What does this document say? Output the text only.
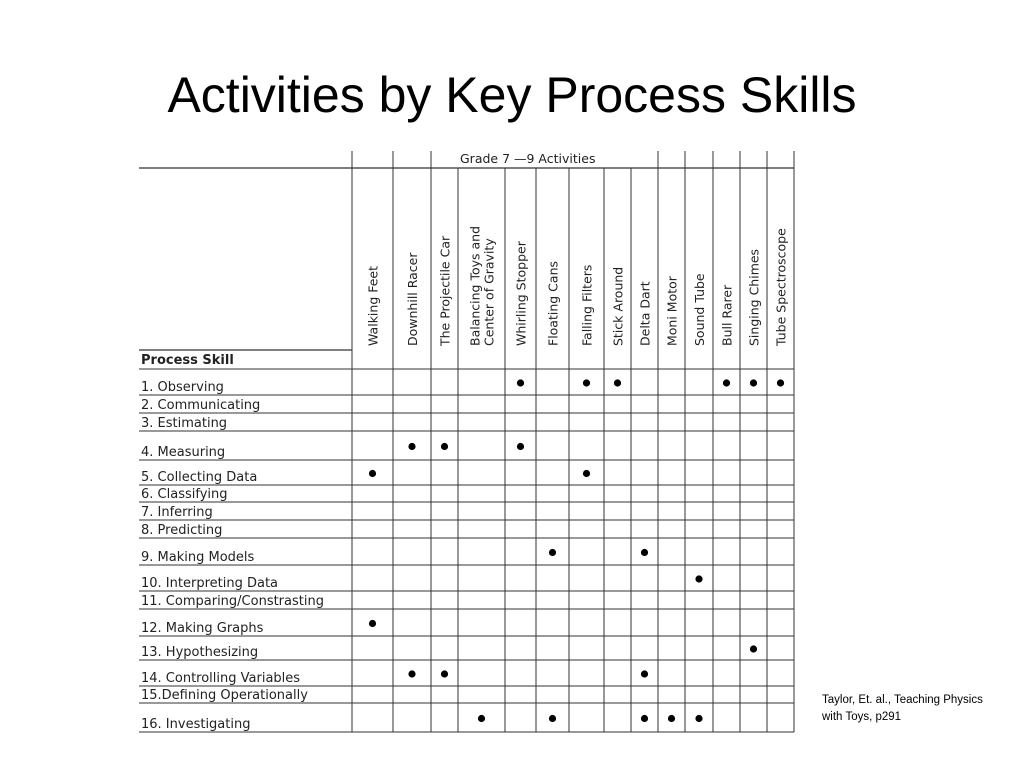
Activities by Key Process Skills
Grade 7 —9 Activities
Process Skill
Walking Feet Downhill Racer The Projectile Car Balancing Toys and Center of Gravity Whirling Stopper Floating Cans Falling Filters Stick Around Delta Dart Moni Motor Sound Tube Bull Rarer Singing Chimes Tube Spectroscope
1. Observing
2. Communicating
3. Estimating
4. Measuring
5. Collecting Data
6. Classifying
7. Inferring
8. Predicting
9. Making Models
10. Interpreting Data
11. Comparing/Constrasting
12. Making Graphs
13. Hypothesizing
14. Controlling Variables
15.Defining Operationally
16. Investigating
Taylor, Et. al., Teaching Physics
with Toys, p291
